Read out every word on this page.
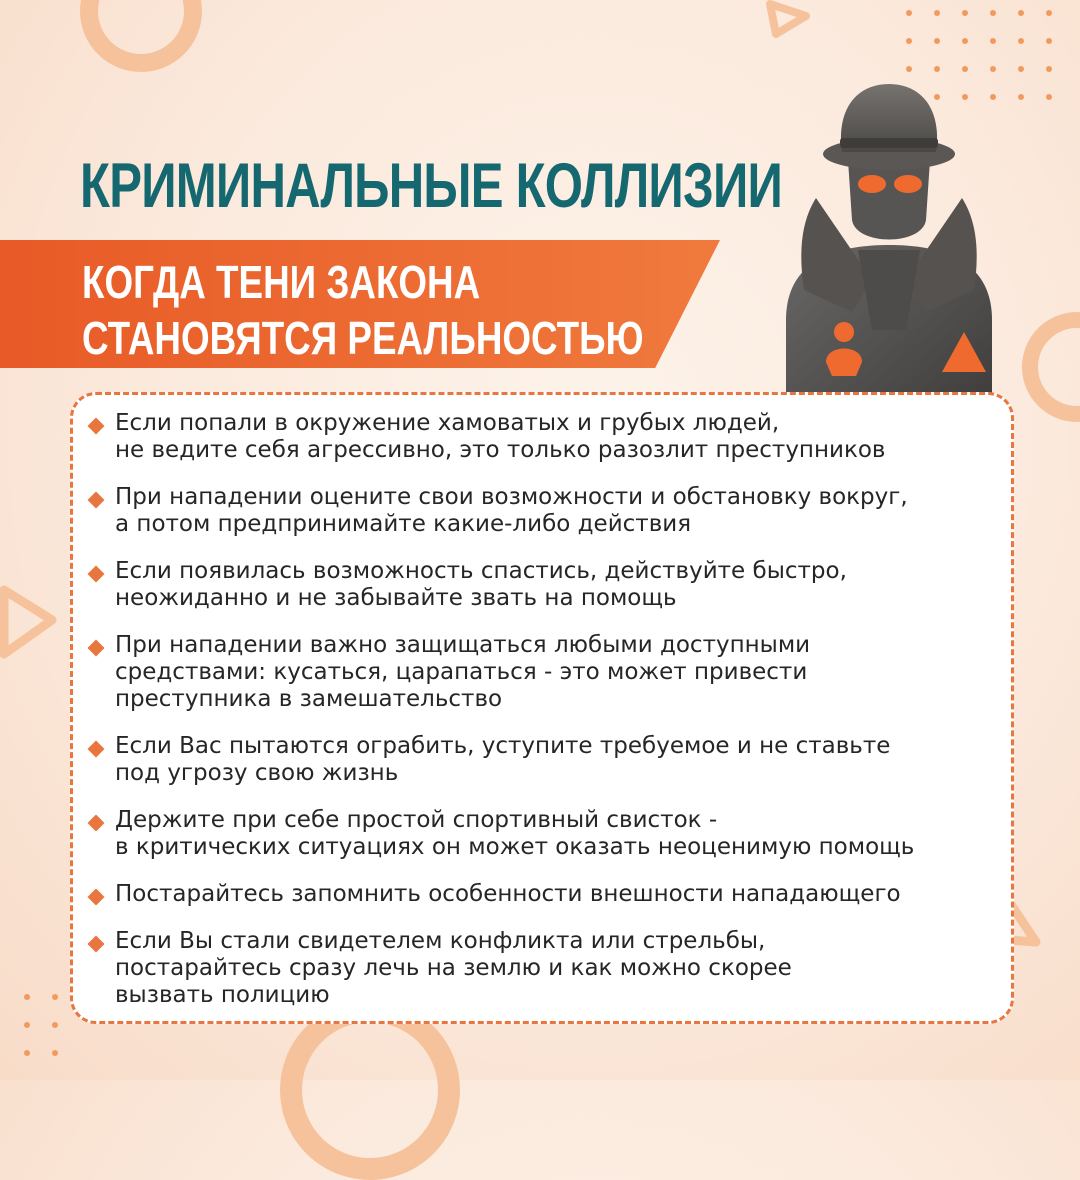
КРИМИНАЛЬНЫЕ КОЛЛИЗИИ
КОГДА ТЕНИ ЗАКОНА
СТАНОВЯТСЯ РЕАЛЬНОСТЬЮ
Если попали в окружение хамоватых и грубых людей,
не ведите себя агрессивно, это только разозлит преступников
При нападении оцените свои возможности и обстановку вокруг,
а потом предпринимайте какие-либо действия
Если появилась возможность спастись, действуйте быстро,
неожиданно и не забывайте звать на помощь
При нападении важно защищаться любыми доступными
средствами: кусаться, царапаться - это может привести
преступника в замешательство
Если Вас пытаются ограбить, уступите требуемое и не ставьте
под угрозу свою жизнь
Держите при себе простой спортивный свисток -
в критических ситуациях он может оказать неоценимую помощь
Постарайтесь запомнить особенности внешности нападающего
Если Вы стали свидетелем конфликта или стрельбы,
постарайтесь сразу лечь на землю и как можно скорее
вызвать полицию
